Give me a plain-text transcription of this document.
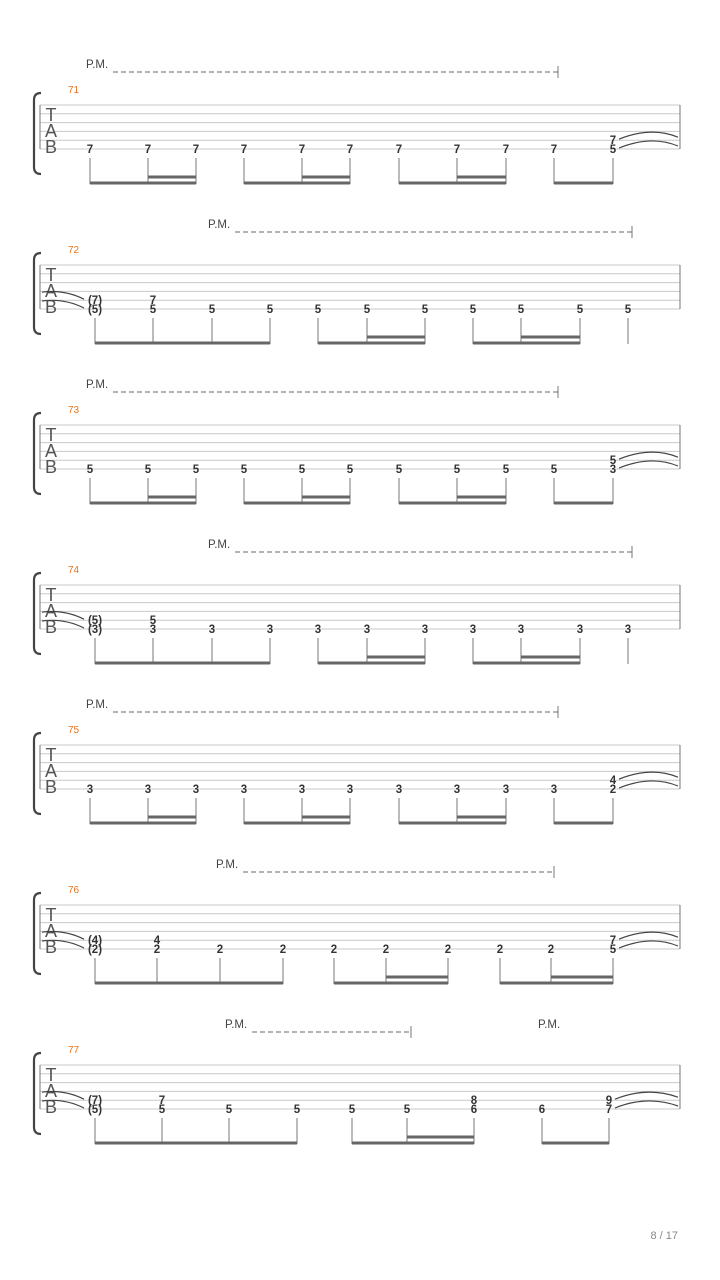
P.M.
71
T
A
B	7	7	7	7	7	7	7	7	7	7	5
7
P.M.
72
T
A
B	(7)
(5)
7
5	5	5	5	5	5	5	5	5	5
P.M.
73
T
A
B	5	5	5	5	5	5	5	5	5	5	3
5
P.M.
74
T
A
B	(5)
(3)
5
3	3	3	3	3	3	3	3	3	3
P.M.
75
T
A
B	3	3	3	3	3	3	3	3	3	3	2
4
P.M.
76
T
A
B	(4)
(2)
4
2	2	2	2	2	2	2	2	5
7
P.M.	P.M.
77
T
A
B	(7)
(5)
7
5	5	5	5	5
8
6	6
9
7
8 / 17
